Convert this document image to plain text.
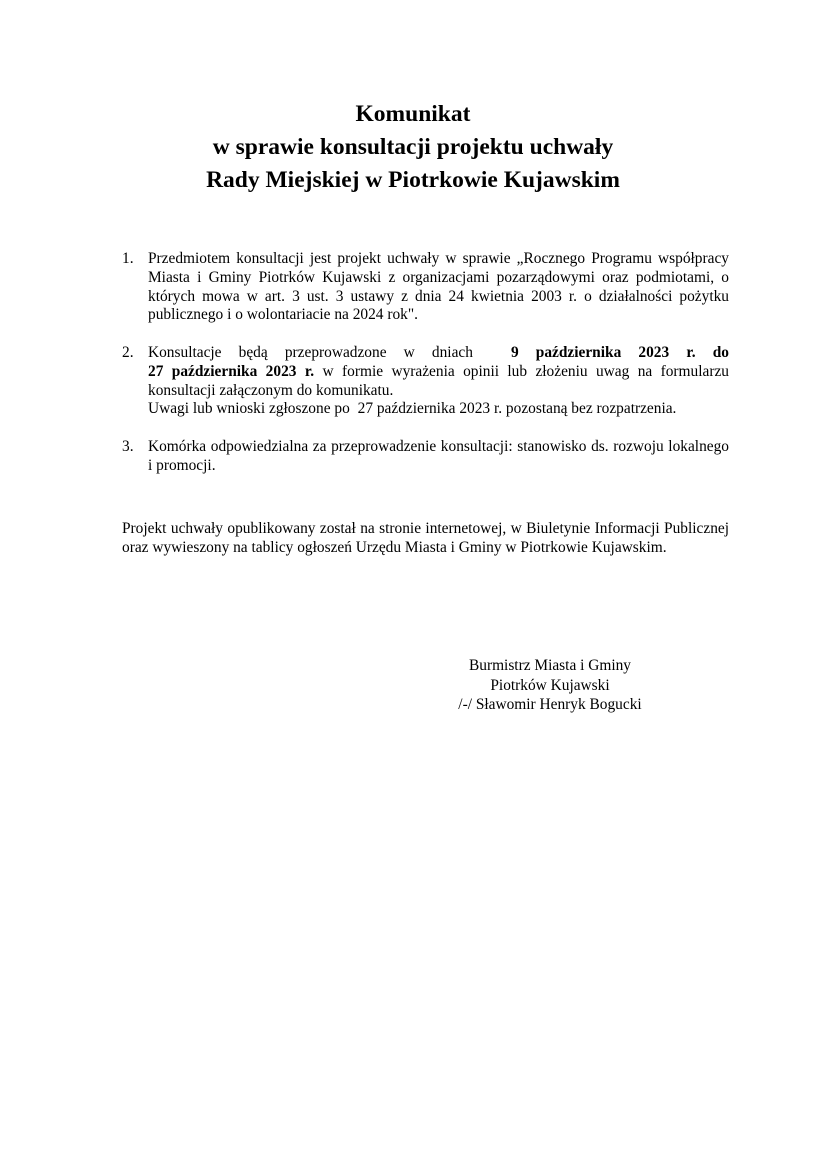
Komunikat
w sprawie konsultacji projektu uchwały
Rady Miejskiej w Piotrkowie Kujawskim
1. Przedmiotem konsultacji jest projekt uchwały w sprawie „Rocznego Programu współpracy Miasta i Gminy Piotrków Kujawski z organizacjami pozarządowymi oraz podmiotami, o których mowa w art. 3 ust. 3 ustawy z dnia 24 kwietnia 2003 r. o działalności pożytku publicznego i o wolontariacie na 2024 rok".

2. Konsultacje będą przeprowadzone w dniach 9 października 2023 r. do

27 października 2023 r. w formie wyrażenia opinii lub złożeniu uwag na formularzu konsultacji załączonym do komunikatu.

Uwagi lub wnioski zgłoszone po 27 października 2023 r. pozostaną bez rozpatrzenia.

3. Komórka odpowiedzialna za przeprowadzenie konsultacji: stanowisko ds. rozwoju lokalnego i promocji.

Projekt uchwały opublikowany został na stronie internetowej, w Biuletynie Informacji Publicznej oraz wywieszony na tablicy ogłoszeń Urzędu Miasta i Gminy w Piotrkowie Kujawskim.

Burmistrz Miasta i Gminy
Piotrków Kujawski
/-/ Sławomir Henryk Bogucki
